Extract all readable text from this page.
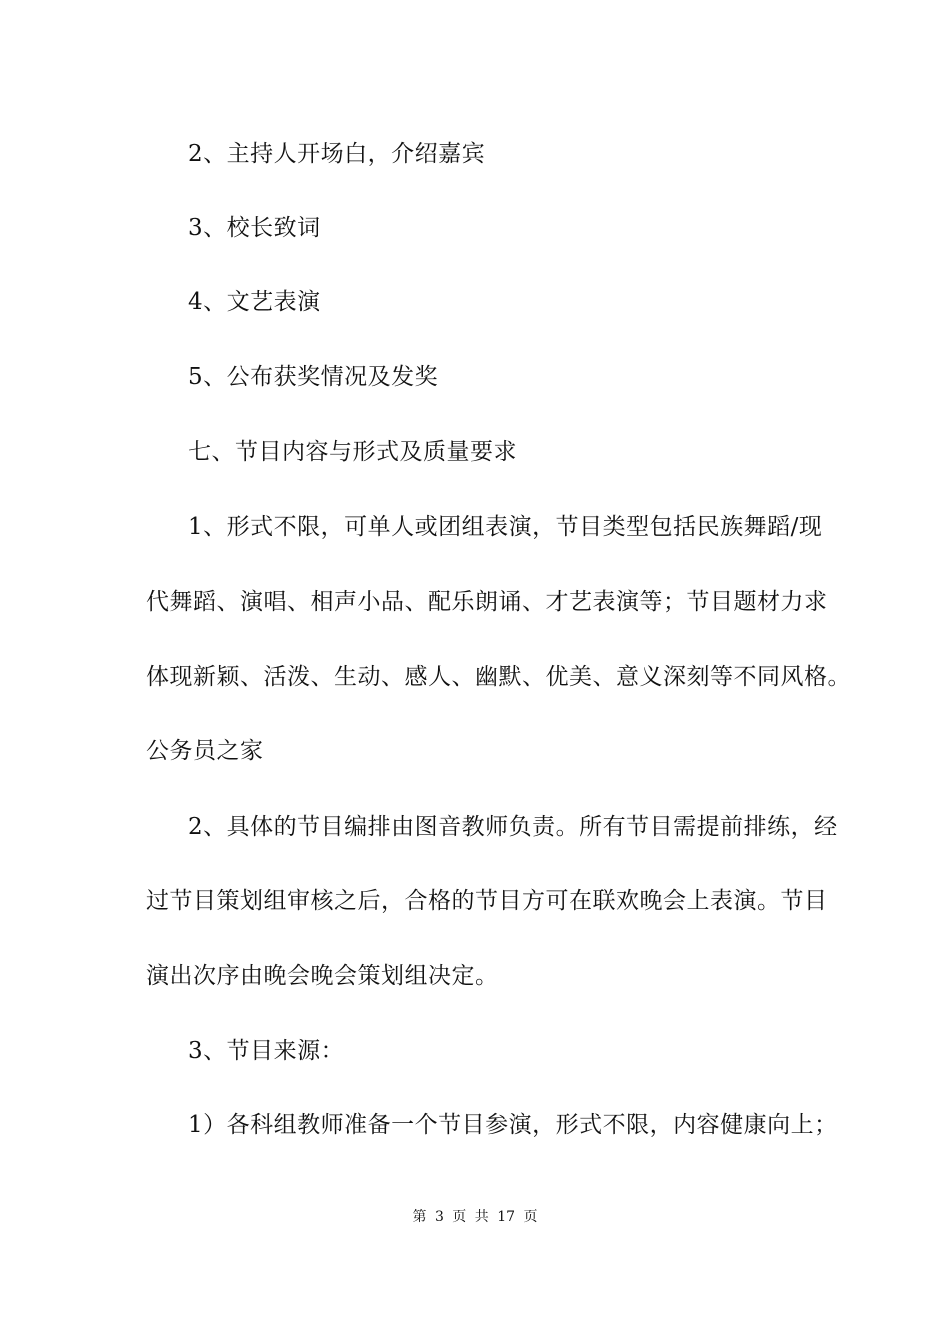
2、主持人开场白，介绍嘉宾
3、校长致词
4、文艺表演
5、公布获奖情况及发奖
七、节目内容与形式及质量要求
1、形式不限，可单人或团组表演，节目类型包括民族舞蹈/现
代舞蹈、演唱、相声小品、配乐朗诵、才艺表演等；节目题材力求
体现新颖、活泼、生动、感人、幽默、优美、意义深刻等不同风格。
公务员之家
2、具体的节目编排由图音教师负责。所有节目需提前排练，经
过节目策划组审核之后，合格的节目方可在联欢晚会上表演。节目
演出次序由晚会晚会策划组决定。
3、节目来源：
1）各科组教师准备一个节目参演，形式不限，内容健康向上；
第 3 页 共 17 页
